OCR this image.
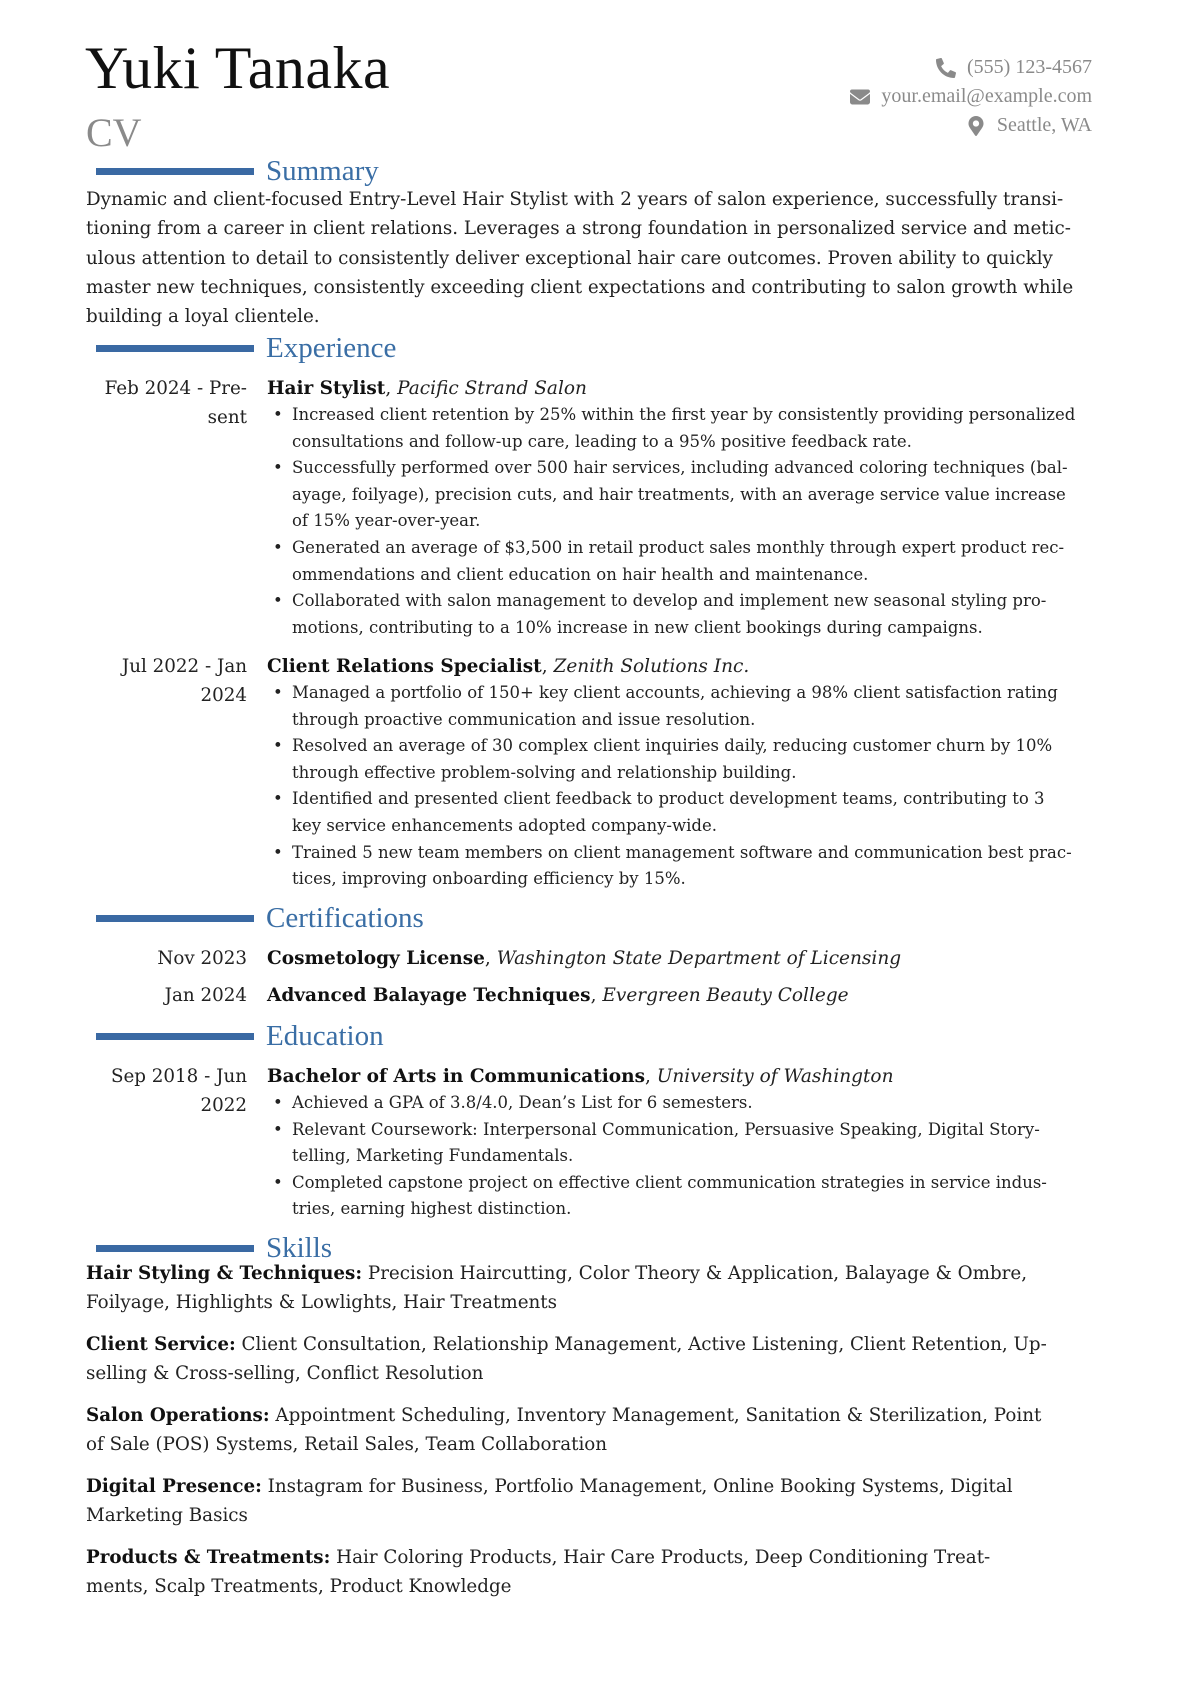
Yuki Tanaka
CV
(555) 123-4567
your.email@example.com
Seattle, WA
Summary
Dynamic and client-focused Entry-Level Hair Stylist with 2 years of salon experience, successfully transi-
tioning from a career in client relations. Leverages a strong foundation in personalized service and metic-
ulous attention to detail to consistently deliver exceptional hair care outcomes. Proven ability to quickly
master new techniques, consistently exceeding client expectations and contributing to salon growth while
building a loyal clientele.
Experience
Feb 2024 - Pre-
sent
Hair Stylist, Pacific Strand Salon
• Increased client retention by 25% within the first year by consistently providing personalized
consultations and follow-up care, leading to a 95% positive feedback rate.
• Successfully performed over 500 hair services, including advanced coloring techniques (bal-
ayage, foilyage), precision cuts, and hair treatments, with an average service value increase
of 15% year-over-year.
• Generated an average of $3,500 in retail product sales monthly through expert product rec-
ommendations and client education on hair health and maintenance.
• Collaborated with salon management to develop and implement new seasonal styling pro-
motions, contributing to a 10% increase in new client bookings during campaigns.
Jul 2022 - Jan
2024
Client Relations Specialist, Zenith Solutions Inc.
• Managed a portfolio of 150+ key client accounts, achieving a 98% client satisfaction rating
through proactive communication and issue resolution.
• Resolved an average of 30 complex client inquiries daily, reducing customer churn by 10%
through effective problem-solving and relationship building.
• Identified and presented client feedback to product development teams, contributing to 3
key service enhancements adopted company-wide.
• Trained 5 new team members on client management software and communication best prac-
tices, improving onboarding efficiency by 15%.
Certifications
Nov 2023 Cosmetology License, Washington State Department of Licensing
Jan 2024 Advanced Balayage Techniques, Evergreen Beauty College
Education
Sep 2018 - Jun
2022
Bachelor of Arts in Communications, University of Washington
• Achieved a GPA of 3.8/4.0, Dean’s List for 6 semesters.
• Relevant Coursework: Interpersonal Communication, Persuasive Speaking, Digital Story-
telling, Marketing Fundamentals.
• Completed capstone project on effective client communication strategies in service indus-
tries, earning highest distinction.
Skills
Hair Styling & Techniques: Precision Haircutting, Color Theory & Application, Balayage & Ombre,
Foilyage, Highlights & Lowlights, Hair Treatments
Client Service: Client Consultation, Relationship Management, Active Listening, Client Retention, Up-
selling & Cross-selling, Conflict Resolution
Salon Operations: Appointment Scheduling, Inventory Management, Sanitation & Sterilization, Point
of Sale (POS) Systems, Retail Sales, Team Collaboration
Digital Presence: Instagram for Business, Portfolio Management, Online Booking Systems, Digital
Marketing Basics
Products & Treatments: Hair Coloring Products, Hair Care Products, Deep Conditioning Treat-
ments, Scalp Treatments, Product Knowledge
